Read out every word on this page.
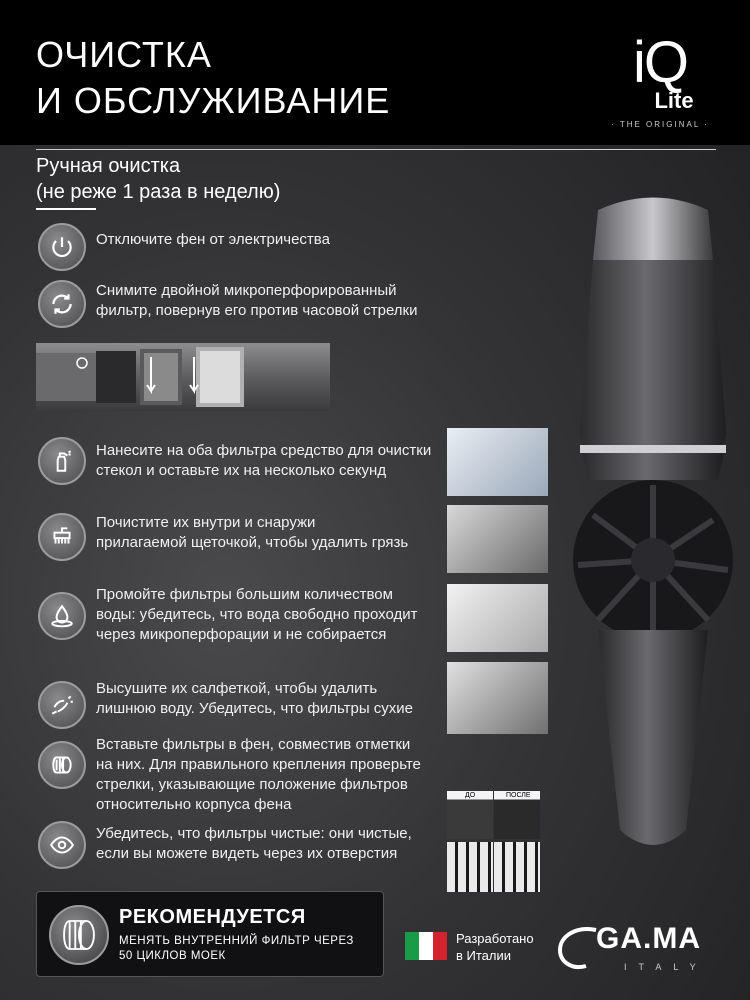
ОЧИСТКА
И ОБСЛУЖИВАНИЕ
iQ
Lite
· THE ORIGINAL ·
Ручная очистка
(не реже 1 раза в неделю)
Отключите фен от электричества
Снимите двойной микроперфорированный
фильтр, повернув его против часовой стрелки
Нанесите на оба фильтра средство для очистки
стекол и оставьте их на несколько секунд
Почистите их внутри и снаружи
прилагаемой щеточкой, чтобы удалить грязь
Промойте фильтры большим количеством
воды: убедитесь, что вода свободно проходит
через микроперфорации и не собирается
Высушите их салфеткой, чтобы удалить
лишнюю воду. Убедитесь, что фильтры сухие
Вставьте фильтры в фен, совместив отметки
на них. Для правильного крепления проверьте
стрелки, указывающие положение фильтров
относительно корпуса фена
ДО	ПОСЛЕ
Убедитесь, что фильтры чистые: они чистые,
если вы можете видеть через их отверстия
РЕКОМЕНДУЕТСЯ
МЕНЯТЬ ВНУТРЕННИЙ ФИЛЬТР ЧЕРЕЗ
50 ЦИКЛОВ МОЕК
Разработано
в Италии
GA.MA
ITALY
